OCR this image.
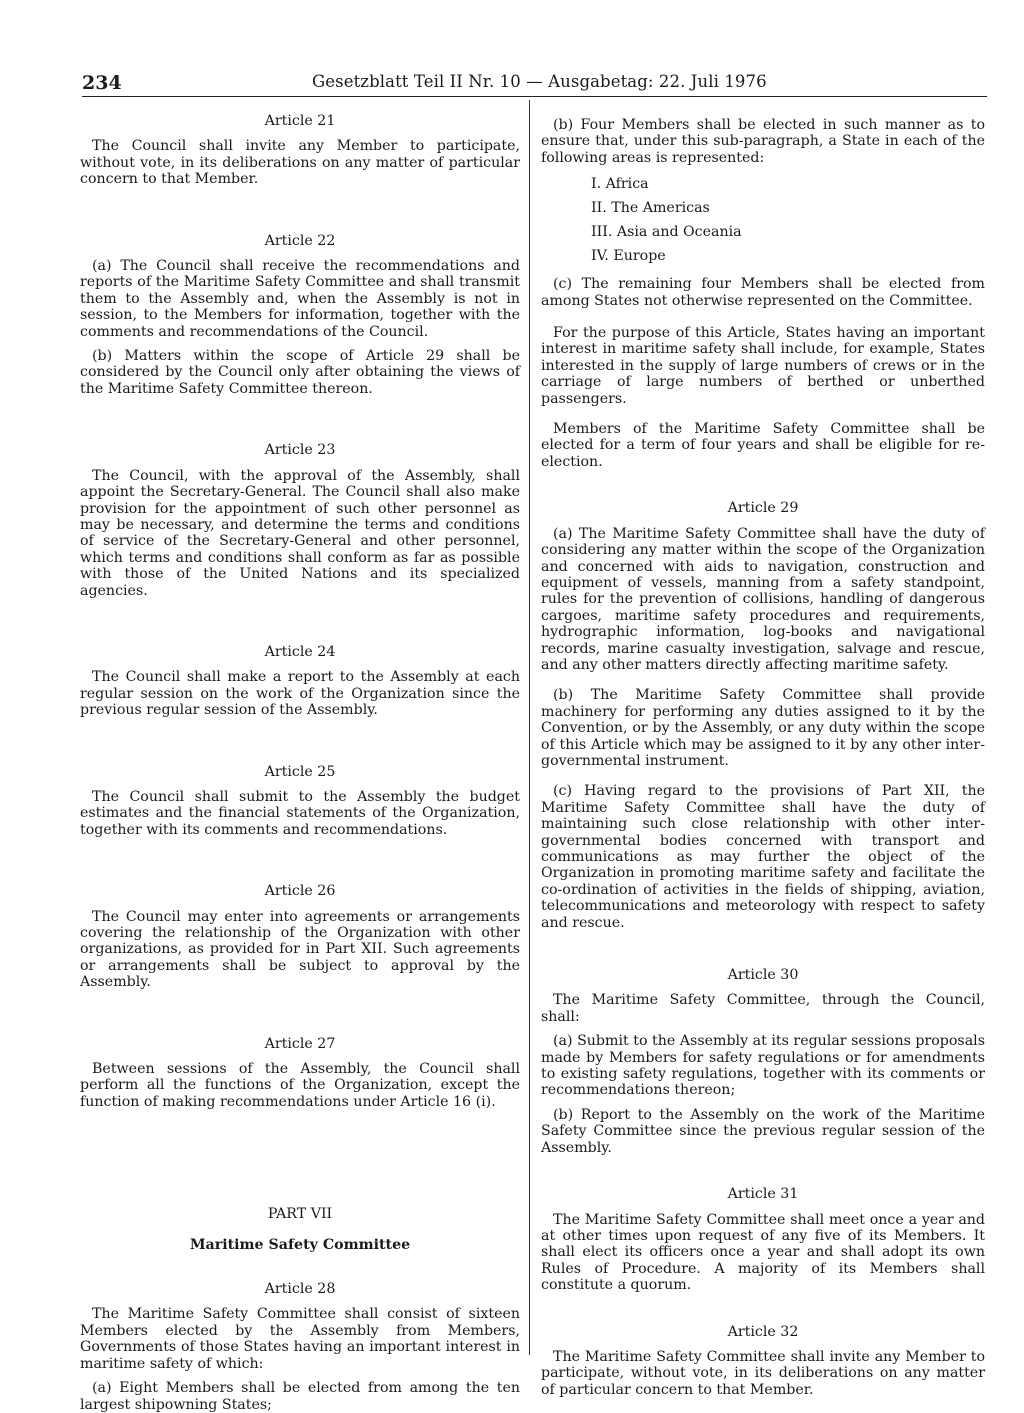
234	Gesetzblatt Teil II Nr. 10 — Ausgabetag: 22. Juli 1976
Article 21

The Council shall invite any Member to participate, without vote, in its deliberations on any matter of particular concern to that Member.

Article 22

(a) The Council shall receive the recommendations and reports of the Maritime Safety Committee and shall transmit them to the Assembly and, when the Assembly is not in session, to the Members for information, together with the comments and recommendations of the Council.

(b) Matters within the scope of Article 29 shall be considered by the Council only after obtaining the views of the Maritime Safety Committee thereon.

Article 23

The Council, with the approval of the Assembly, shall appoint the Secretary-General. The Council shall also make provision for the appointment of such other personnel as may be necessary, and determine the terms and conditions of service of the Secretary-General and other personnel, which terms and conditions shall conform as far as possible with those of the United Nations and its specialized agencies.

Article 24

The Council shall make a report to the Assembly at each regular session on the work of the Organization since the previous regular session of the Assembly.

Article 25

The Council shall submit to the Assembly the budget estimates and the financial statements of the Organization, together with its comments and recommendations.

Article 26

The Council may enter into agreements or arrangements covering the relationship of the Organization with other organizations, as provided for in Part XII. Such agreements or arrangements shall be subject to approval by the Assembly.

Article 27

Between sessions of the Assembly, the Council shall perform all the functions of the Organization, except the function of making recommendations under Article 16 (i).

PART VII
Maritime Safety Committee
Article 28

The Maritime Safety Committee shall consist of sixteen Members elected by the Assembly from Members, Governments of those States having an important interest in maritime safety of which:

(a) Eight Members shall be elected from among the ten largest shipowning States;

(b) Four Members shall be elected in such manner as to ensure that, under this sub-paragraph, a State in each of the following areas is represented:

I. Africa
II. The Americas
III. Asia and Oceania
IV. Europe

(c) The remaining four Members shall be elected from among States not otherwise represented on the Committee.

For the purpose of this Article, States having an important interest in maritime safety shall include, for example, States interested in the supply of large numbers of crews or in the carriage of large numbers of berthed or unberthed passengers.

Members of the Maritime Safety Committee shall be elected for a term of four years and shall be eligible for re-election.

Article 29

(a) The Maritime Safety Committee shall have the duty of considering any matter within the scope of the Organization and concerned with aids to navigation, construction and equipment of vessels, manning from a safety standpoint, rules for the prevention of collisions, handling of dangerous cargoes, maritime safety procedures and requirements, hydrographic information, log-books and navigational records, marine casualty investigation, salvage and rescue, and any other matters directly affecting maritime safety.

(b) The Maritime Safety Committee shall provide machinery for performing any duties assigned to it by the Convention, or by the Assembly, or any duty within the scope of this Article which may be assigned to it by any other inter-governmental instrument.

(c) Having regard to the provisions of Part XII, the Maritime Safety Committee shall have the duty of maintaining such close relationship with other inter-governmental bodies concerned with transport and communications as may further the object of the Organization in promoting maritime safety and facilitate the co-ordination of activities in the fields of shipping, aviation, telecommunications and meteorology with respect to safety and rescue.

Article 30

The Maritime Safety Committee, through the Council, shall:

(a) Submit to the Assembly at its regular sessions proposals made by Members for safety regulations or for amendments to existing safety regulations, together with its comments or recommendations thereon;

(b) Report to the Assembly on the work of the Maritime Safety Committee since the previous regular session of the Assembly.

Article 31

The Maritime Safety Committee shall meet once a year and at other times upon request of any five of its Members. It shall elect its officers once a year and shall adopt its own Rules of Procedure. A majority of its Members shall constitute a quorum.

Article 32

The Maritime Safety Committee shall invite any Member to participate, without vote, in its deliberations on any matter of particular concern to that Member.
